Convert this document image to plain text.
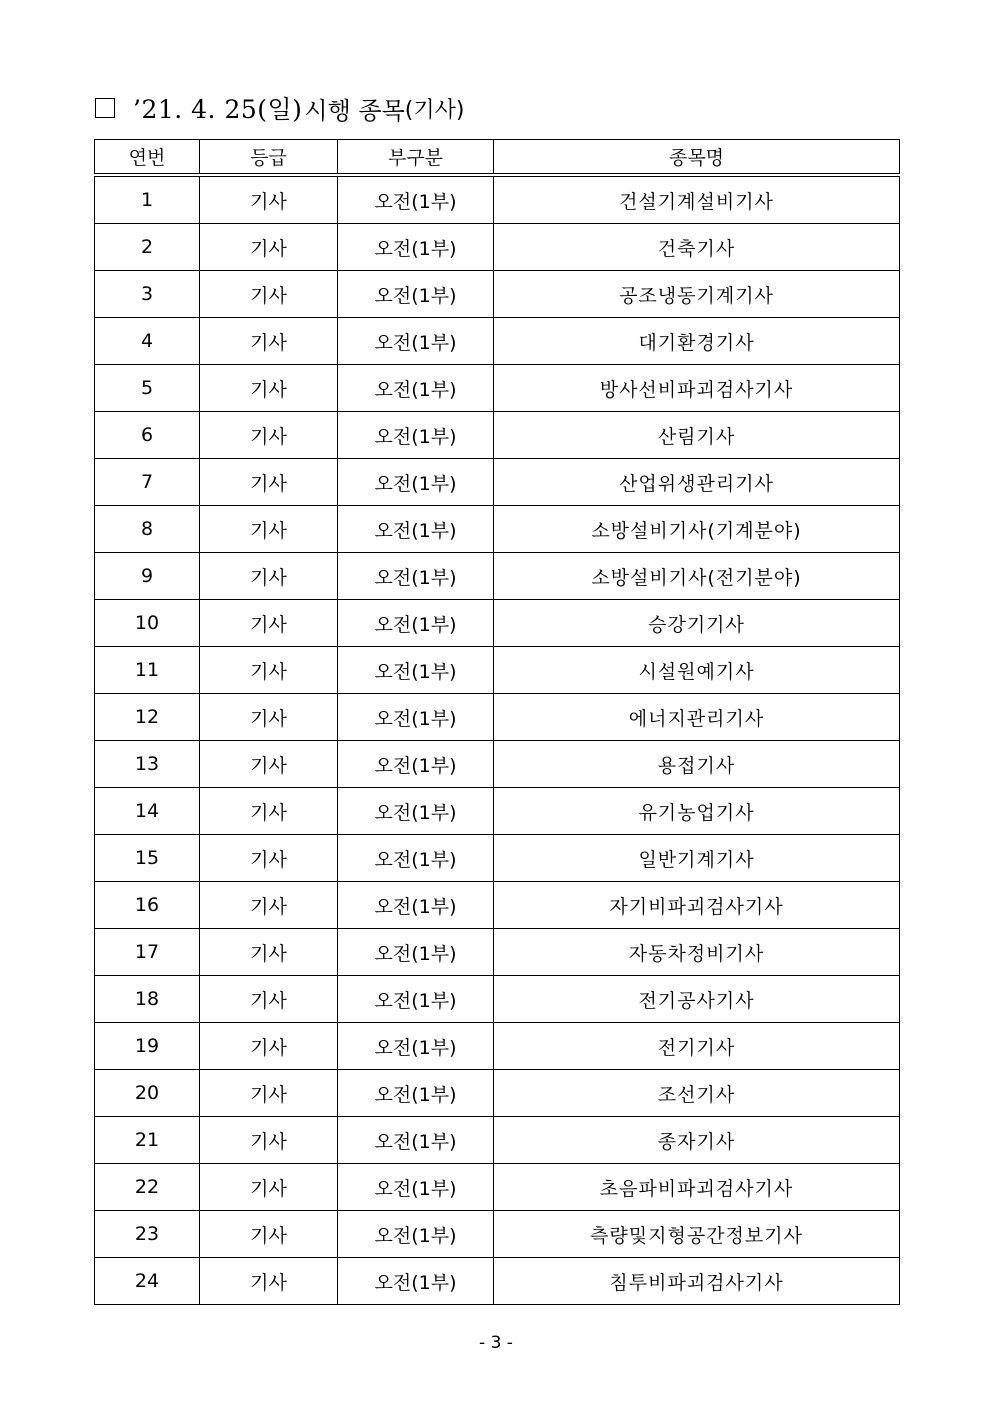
’21. 4. 25(일) 시행 종목 (기사)
연번	등급	부구분	종목명
1	기사	오전(1부)	건설기계설비기사
2	기사	오전(1부)	건축기사
3	기사	오전(1부)	공조냉동기계기사
4	기사	오전(1부)	대기환경기사
5	기사	오전(1부)	방사선비파괴검사기사
6	기사	오전(1부)	산림기사
7	기사	오전(1부)	산업위생관리기사
8	기사	오전(1부)	소방설비기사(기계분야)
9	기사	오전(1부)	소방설비기사(전기분야)
10	기사	오전(1부)	승강기기사
11	기사	오전(1부)	시설원예기사
12	기사	오전(1부)	에너지관리기사
13	기사	오전(1부)	용접기사
14	기사	오전(1부)	유기농업기사
15	기사	오전(1부)	일반기계기사
16	기사	오전(1부)	자기비파괴검사기사
17	기사	오전(1부)	자동차정비기사
18	기사	오전(1부)	전기공사기사
19	기사	오전(1부)	전기기사
20	기사	오전(1부)	조선기사
21	기사	오전(1부)	종자기사
22	기사	오전(1부)	초음파비파괴검사기사
23	기사	오전(1부)	측량및지형공간정보기사
24	기사	오전(1부)	침투비파괴검사기사
- 3 -
